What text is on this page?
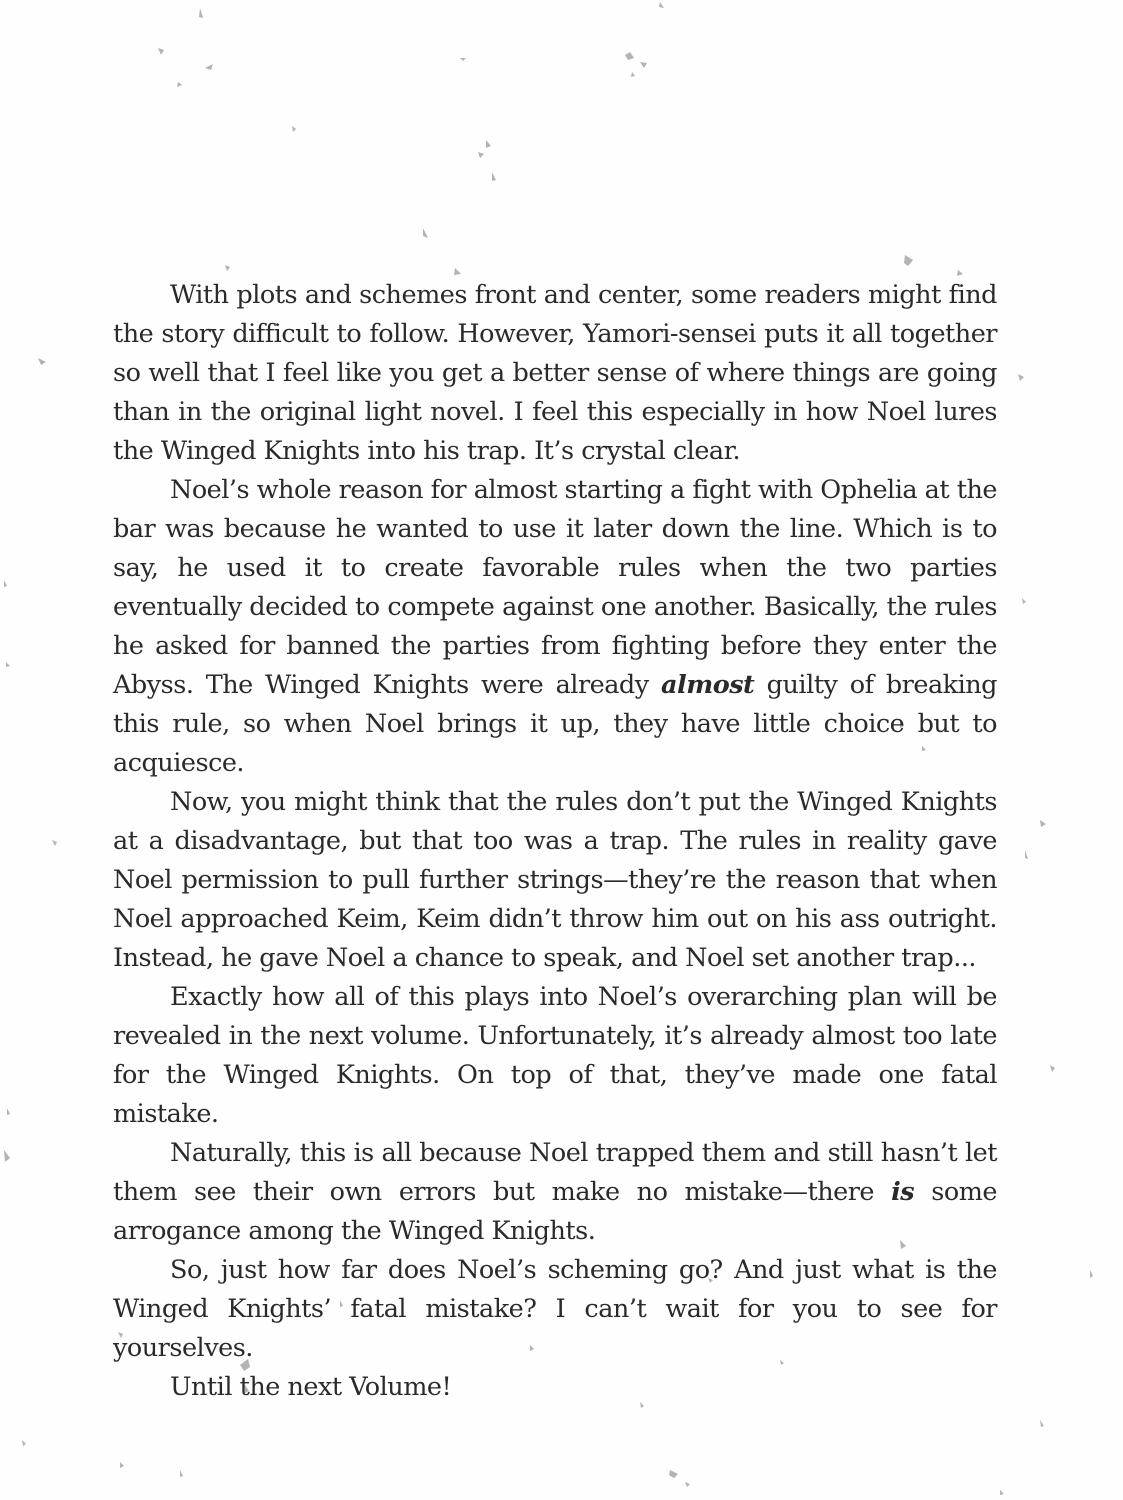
With plots and schemes front and center, some readers might find the story difficult to follow. However, Yamori-sensei puts it all together so well that I feel like you get a better sense of where things are going than in the original light novel. I feel this especially in how Noel lures the Winged Knights into his trap. It’s crystal clear.

Noel’s whole reason for almost starting a fight with Ophelia at the bar was because he wanted to use it later down the line. Which is to say, he used it to create favorable rules when the two parties eventually decided to compete against one another. Basically, the rules he asked for banned the parties from fighting before they enter the Abyss. The Winged Knights were already almost guilty of breaking this rule, so when Noel brings it up, they have little choice but to acquiesce.

Now, you might think that the rules don’t put the Winged Knights at a disadvantage, but that too was a trap. The rules in reality gave Noel permission to pull further strings—they’re the reason that when Noel approached Keim, Keim didn’t throw him out on his ass outright. Instead, he gave Noel a chance to speak, and Noel set another trap...

Exactly how all of this plays into Noel’s overarching plan will be revealed in the next volume. Unfortunately, it’s already almost too late for the Winged Knights. On top of that, they’ve made one fatal mistake.

Naturally, this is all because Noel trapped them and still hasn’t let them see their own errors but make no mistake—there is some arrogance among the Winged Knights.

So, just how far does Noel’s scheming go? And just what is the Winged Knights’ fatal mistake? I can’t wait for you to see for yourselves.

Until the next Volume!
